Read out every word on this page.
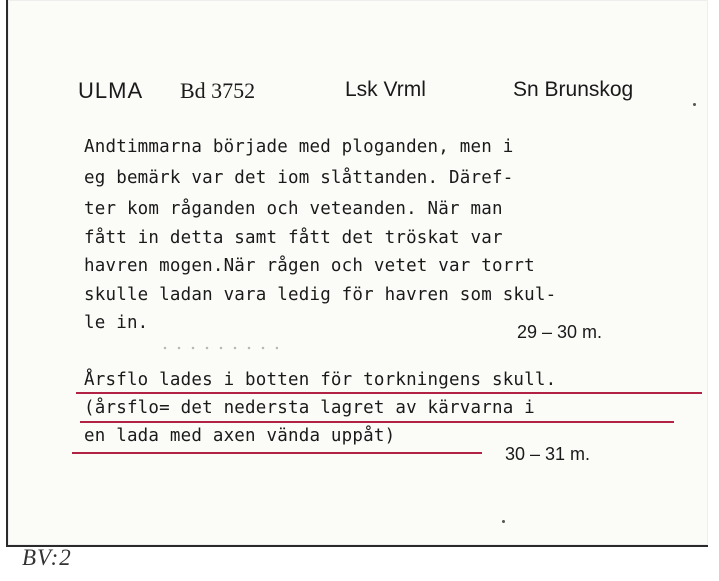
ULMA Bd 3752	Lsk Vrml	Sn Brunskog
Andtimmarna började med ploganden, men i
eg bemärk var det iom slåttanden. Däref-
ter kom råganden och veteanden. När man
fått in detta samt fått det tröskat var
havren mogen.När rågen och vetet var torrt
skulle ladan vara ledig för havren som skul-
le in.	29 – 30 m.
Årsflo lades i botten för torkningens skull.
(årsflo= det nedersta lagret av kärvarna i
en lada med axen vända uppåt)
30 – 31 m.
BV:2
